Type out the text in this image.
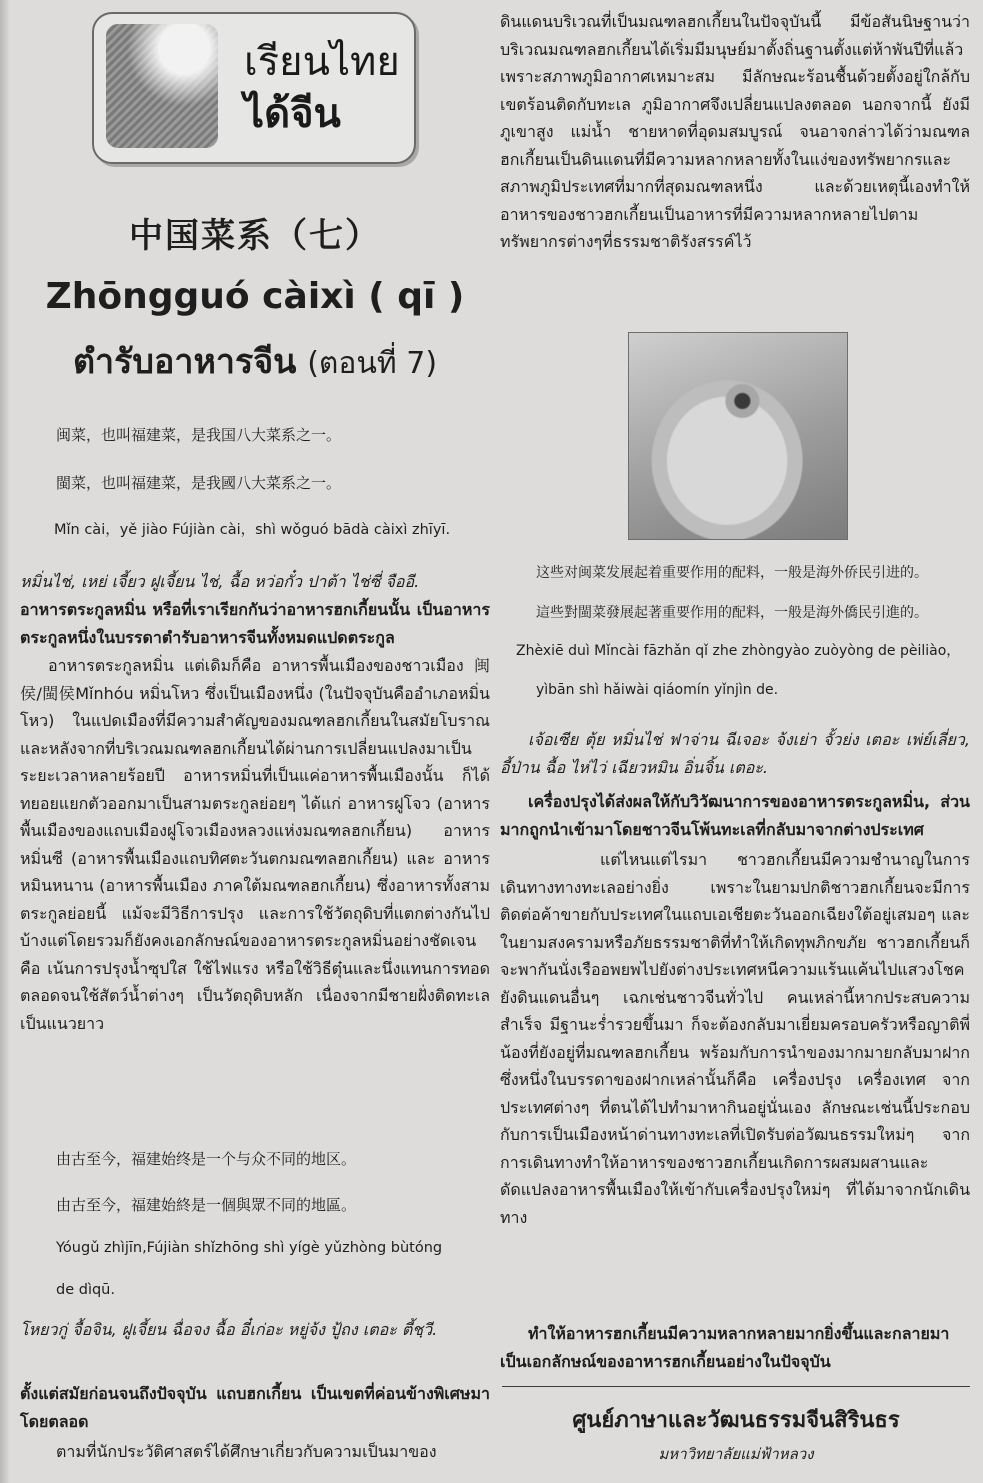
เรียนไทย
ได้จีน
中国菜系（七）
Zhōngguó càixì ( qī )
ตำรับอาหารจีน (ตอนที่ 7)
闽菜，也叫福建菜，是我国八大菜系之一。
閩菜，也叫福建菜，是我國八大菜系之一。
Mǐn cài，yě jiào Fújiàn cài，shì wǒguó bādà càixì zhīyī.
หมิ่นไช่, เหย่ เจี้ยว ฝูเจี้ยน ไช่, ฉื้อ หว่อกั๋ว ปาต้า ไช่ซี่ จืออี.
อาหารตระกูลหมิ่น หรือที่เราเรียกกันว่าอาหารฮกเกี้ยนนั้น เป็นอาหารตระกูลหนึ่งในบรรดาตำรับอาหารจีนทั้งหมดแปดตระกูล
อาหารตระกูลหมิ่น แต่เดิมก็คือ อาหารพื้นเมืองของชาวเมือง 闽侯/閩侯Mǐnhóu หมิ่นโหว ซึ่งเป็นเมืองหนึ่ง (ในปัจจุบันคืออำเภอหมิ่นโหว) ในแปดเมืองที่มีความสำคัญของมณฑลฮกเกี้ยนในสมัยโบราณ และหลังจากที่บริเวณมณฑลฮกเกี้ยนได้ผ่านการเปลี่ยนแปลงมาเป็นระยะเวลาหลายร้อยปี อาหารหมิ่นที่เป็นแค่อาหารพื้นเมืองนั้น ก็ได้ทยอยแยกตัวออกมาเป็นสามตระกูลย่อยๆ ได้แก่ อาหารฝูโจว (อาหารพื้นเมืองของแถบเมืองฝูโจวเมืองหลวงแห่งมณฑลฮกเกี้ยน) อาหารหมิ่นซี (อาหารพื้นเมืองแถบทิศตะวันตกมณฑลฮกเกี้ยน) และ อาหารหมินหนาน (อาหารพื้นเมือง ภาคใต้มณฑลฮกเกี้ยน) ซึ่งอาหารทั้งสามตระกูลย่อยนี้ แม้จะมีวิธีการปรุง และการใช้วัตถุดิบที่แตกต่างกันไปบ้างแต่โดยรวมก็ยังคงเอกลักษณ์ของอาหารตระกูลหมิ่นอย่างชัดเจน คือ เน้นการปรุงน้ำซุปใส ใช้ไฟแรง หรือใช้วิธีตุ๋นและนึ่งแทนการทอด ตลอดจนใช้สัตว์น้ำต่างๆ เป็นวัตถุดิบหลัก เนื่องจากมีชายฝั่งติดทะเลเป็นแนวยาว
由古至今，福建始终是一个与众不同的地区。
由古至今，福建始終是一個與眾不同的地區。
Yóugǔ zhìjīn,Fújiàn shǐzhōng shì yígè yǔzhòng bùtóng
de dìqū.
โหยวกู่ จื้อจิน, ฝูเจี้ยน ฉื่อจง ฉื้อ อี๋เก่อะ หยู่จ้ง ปู้ถง เตอะ ตี้ชฺวี.
ตั้งแต่สมัยก่อนจนถึงปัจจุบัน แถบฮกเกี้ยน เป็นเขตที่ค่อนข้างพิเศษมาโดยตลอด
ตามที่นักประวัติศาสตร์ได้ศึกษาเกี่ยวกับความเป็นมาของ
ดินแดนบริเวณที่เป็นมณฑลฮกเกี้ยนในปัจจุบันนี้ มีข้อสันนิษฐานว่าบริเวณมณฑลฮกเกี้ยนได้เริ่มมีมนุษย์มาตั้งถิ่นฐานตั้งแต่ห้าพันปีที่แล้ว เพราะสภาพภูมิอากาศเหมาะสม มีลักษณะร้อนชื้นด้วยตั้งอยู่ใกล้กับเขตร้อนติดกับทะเล ภูมิอากาศจึงเปลี่ยนแปลงตลอด นอกจากนี้ ยังมีภูเขาสูง แม่น้ำ ชายหาดที่อุดมสมบูรณ์ จนอาจกล่าวได้ว่ามณฑลฮกเกี้ยนเป็นดินแดนที่มีความหลากหลายทั้งในแง่ของทรัพยากรและสภาพภูมิประเทศที่มากที่สุดมณฑลหนึ่ง และด้วยเหตุนี้เองทำให้อาหารของชาวฮกเกี้ยนเป็นอาหารที่มีความหลากหลายไปตามทรัพยากรต่างๆที่ธรรมชาติรังสรรค์ไว้
这些对闽菜发展起着重要作用的配料，一般是海外侨民引进的。
這些對閩菜發展起著重要作用的配料，一般是海外僑民引進的。
Zhèxiē duì Mǐncài fāzhǎn qǐ zhe zhòngyào zuòyòng de pèiliào，
yìbān shì hǎiwài qiáomín yǐnjìn de.
เจ้อเซีย ตุ้ย หมิ่นไช่ ฟาจ่าน ฉีเจอะ จ้งเย่า จั้วย่ง เตอะ เพ่ย์เลี่ยว, อี้ป่าน ฉื้อ ไห่ไว่ เฉียวหมิน อิ่นจิ้น เตอะ.
เครื่องปรุงได้ส่งผลให้กับวิวัฒนาการของอาหารตระกูลหมิ่น, ส่วนมากถูกนำเข้ามาโดยชาวจีนโพ้นทะเลที่กลับมาจากต่างประเทศ
แต่ไหนแต่ไรมา ชาวฮกเกี้ยนมีความชำนาญในการเดินทางทางทะเลอย่างยิ่ง เพราะในยามปกติชาวฮกเกี้ยนจะมีการติดต่อค้าขายกับประเทศในแถบเอเชียตะวันออกเฉียงใต้อยู่เสมอๆ และในยามสงครามหรือภัยธรรมชาติที่ทำให้เกิดทุพภิกขภัย ชาวฮกเกี้ยนก็จะพากันนั่งเรืออพยพไปยังต่างประเทศหนีความแร้นแค้นไปแสวงโชคยังดินแดนอื่นๆ เฉกเช่นชาวจีนทั่วไป คนเหล่านี้หากประสบความสำเร็จ มีฐานะร่ำรวยขึ้นมา ก็จะต้องกลับมาเยี่ยมครอบครัวหรือญาติพี่น้องที่ยังอยู่ที่มณฑลฮกเกี้ยน พร้อมกับการนำของมากมายกลับมาฝาก ซึ่งหนึ่งในบรรดาของฝากเหล่านั้นก็คือ เครื่องปรุง เครื่องเทศ จากประเทศต่างๆ ที่ตนได้ไปทำมาหากินอยู่นั่นเอง ลักษณะเช่นนี้ประกอบกับการเป็นเมืองหน้าด่านทางทะเลที่เปิดรับต่อวัฒนธรรมใหม่ๆ จากการเดินทางทำให้อาหารของชาวฮกเกี้ยนเกิดการผสมผสานและดัดแปลงอาหารพื้นเมืองให้เข้ากับเครื่องปรุงใหม่ๆ ที่ได้มาจากนักเดินทาง
ทำให้อาหารฮกเกี้ยนมีความหลากหลายมากยิ่งขึ้นและกลายมาเป็นเอกลักษณ์ของอาหารฮกเกี้ยนอย่างในปัจจุบัน
ศูนย์ภาษาและวัฒนธรรมจีนสิรินธร
มหาวิทยาลัยแม่ฟ้าหลวง
